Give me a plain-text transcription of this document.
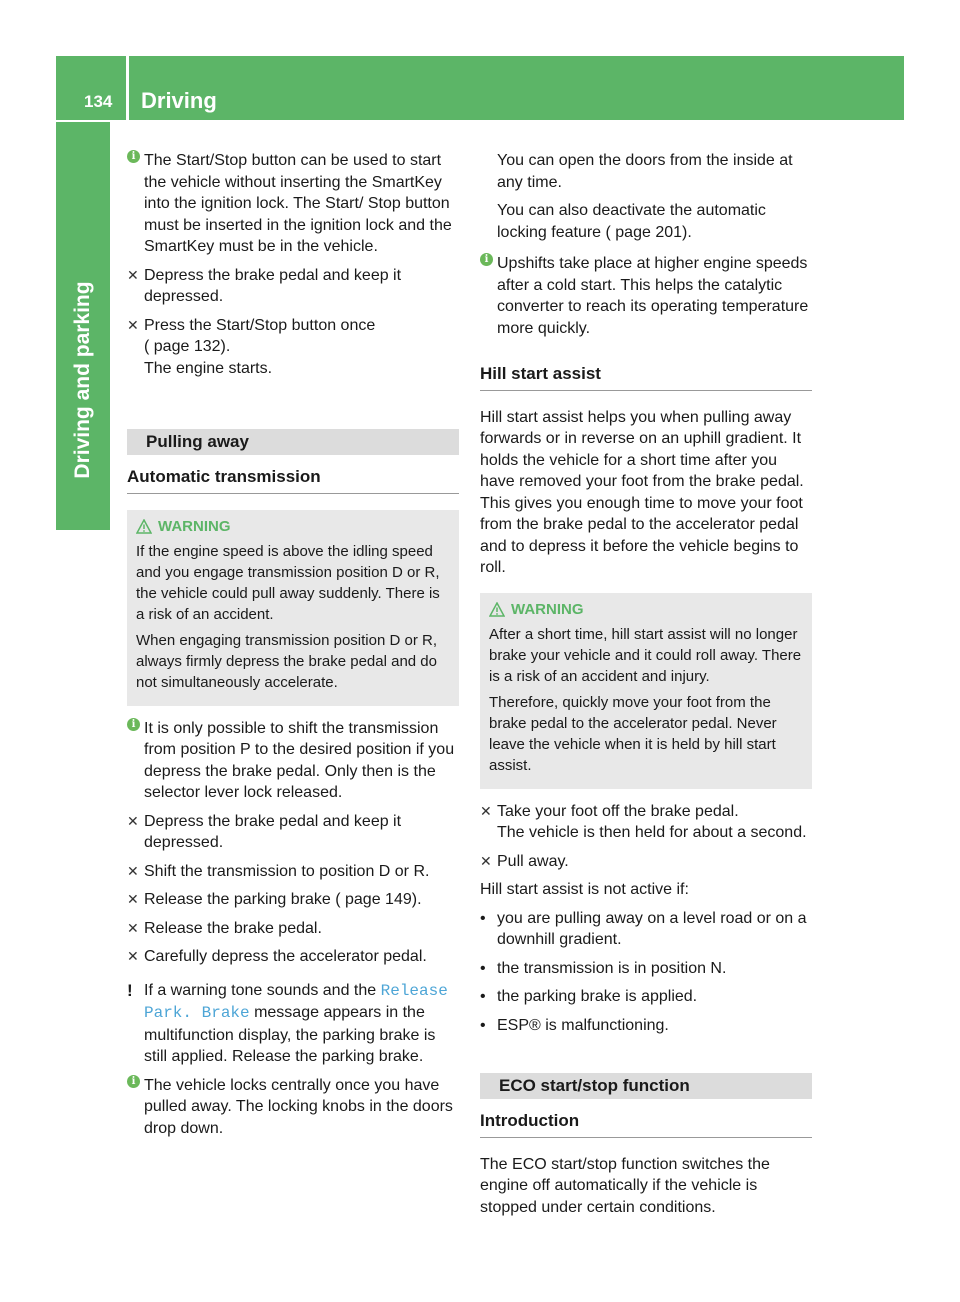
134 Driving
Driving and parking
i The Start/Stop button can be used to start the vehicle without inserting the SmartKey into the ignition lock. The Start/ Stop button must be inserted in the ignition lock and the SmartKey must be in the vehicle.
✕ Depress the brake pedal and keep it depressed.
✕ Press the Start/Stop button once
( page 132).
The engine starts.
Pulling away
Automatic transmission
WARNING
If the engine speed is above the idling speed and you engage transmission position D or R, the vehicle could pull away suddenly. There is a risk of an accident.
When engaging transmission position D or R, always firmly depress the brake pedal and do not simultaneously accelerate.
i It is only possible to shift the transmission from position P to the desired position if you depress the brake pedal. Only then is the selector lever lock released.
✕ Depress the brake pedal and keep it depressed.
✕ Shift the transmission to position D or R.
✕ Release the parking brake ( page 149).
✕ Release the brake pedal.
✕ Carefully depress the accelerator pedal.
! If a warning tone sounds and the Release Park. Brake message appears in the multifunction display, the parking brake is still applied. Release the parking brake.
i The vehicle locks centrally once you have pulled away. The locking knobs in the doors drop down.
You can open the doors from the inside at any time.
You can also deactivate the automatic locking feature ( page 201).
i Upshifts take place at higher engine speeds after a cold start. This helps the catalytic converter to reach its operating temperature more quickly.
Hill start assist
Hill start assist helps you when pulling away forwards or in reverse on an uphill gradient. It holds the vehicle for a short time after you have removed your foot from the brake pedal. This gives you enough time to move your foot from the brake pedal to the accelerator pedal and to depress it before the vehicle begins to roll.
WARNING
After a short time, hill start assist will no longer brake your vehicle and it could roll away. There is a risk of an accident and injury.
Therefore, quickly move your foot from the brake pedal to the accelerator pedal. Never leave the vehicle when it is held by hill start assist.
✕ Take your foot off the brake pedal.
The vehicle is then held for about a second.
✕ Pull away.
Hill start assist is not active if:
• you are pulling away on a level road or on a downhill gradient.
• the transmission is in position N.
• the parking brake is applied.
• ESP® is malfunctioning.
ECO start/stop function
Introduction
The ECO start/stop function switches the engine off automatically if the vehicle is stopped under certain conditions.
